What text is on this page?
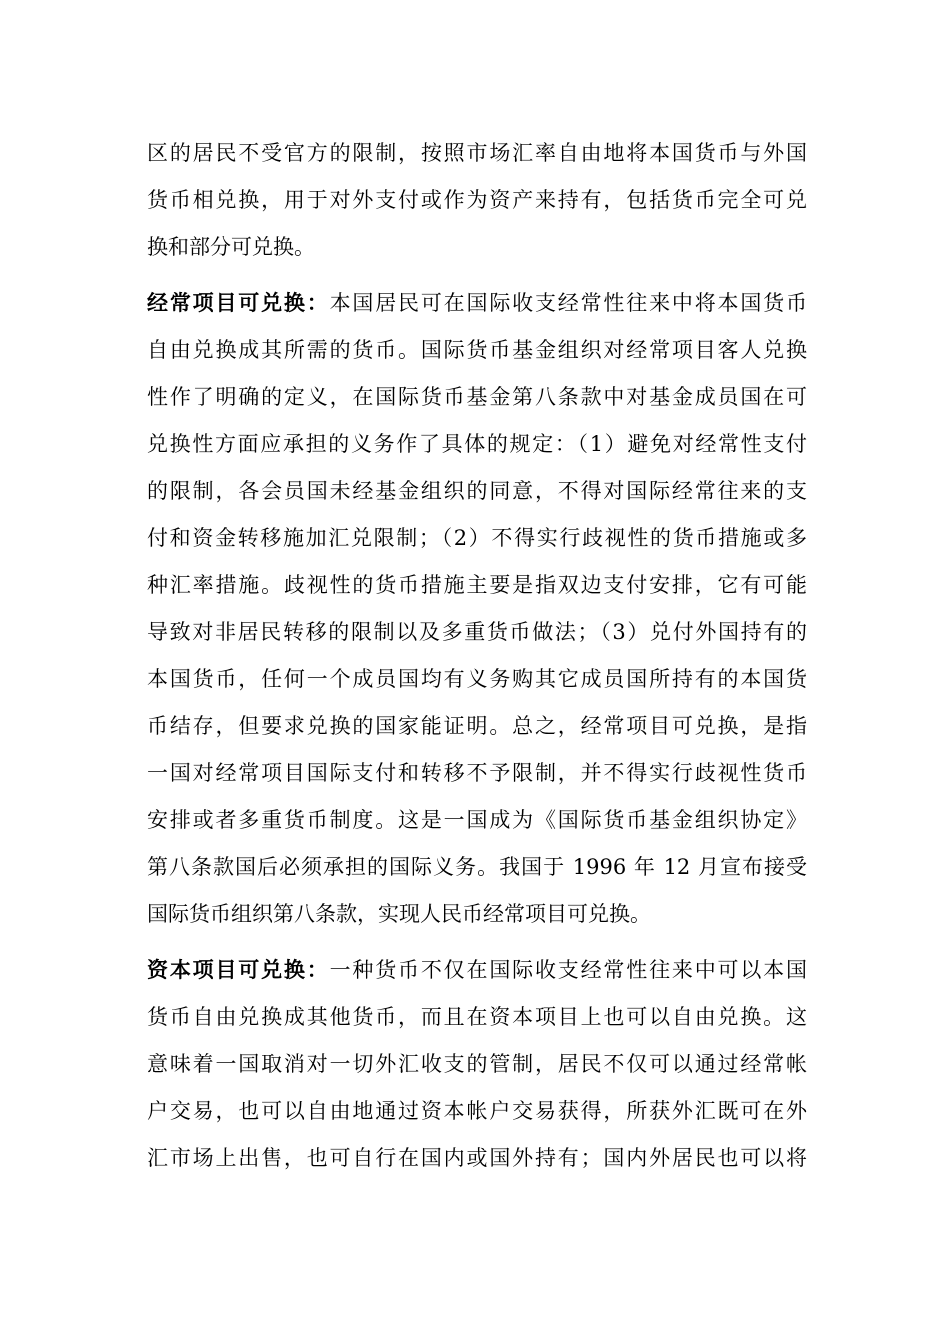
区的居民不受官方的限制，按照市场汇率自由地将本国货币与外国
货币相兑换，用于对外支付或作为资产来持有，包括货币完全可兑
换和部分可兑换。
经常项目可兑换：本国居民可在国际收支经常性往来中将本国货币
自由兑换成其所需的货币。国际货币基金组织对经常项目客人兑换
性作了明确的定义，在国际货币基金第八条款中对基金成员国在可
兑换性方面应承担的义务作了具体的规定：（1）避免对经常性支付
的限制，各会员国未经基金组织的同意，不得对国际经常往来的支
付和资金转移施加汇兑限制；（2）不得实行歧视性的货币措施或多
种汇率措施。歧视性的货币措施主要是指双边支付安排，它有可能
导致对非居民转移的限制以及多重货币做法；（3）兑付外国持有的
本国货币，任何一个成员国均有义务购其它成员国所持有的本国货
币结存，但要求兑换的国家能证明。总之，经常项目可兑换，是指
一国对经常项目国际支付和转移不予限制，并不得实行歧视性货币
安排或者多重货币制度。这是一国成为《国际货币基金组织协定》
第八条款国后必须承担的国际义务。我国于 1996 年 12 月宣布接受
国际货币组织第八条款，实现人民币经常项目可兑换。
资本项目可兑换：一种货币不仅在国际收支经常性往来中可以本国
货币自由兑换成其他货币，而且在资本项目上也可以自由兑换。这
意味着一国取消对一切外汇收支的管制，居民不仅可以通过经常帐
户交易，也可以自由地通过资本帐户交易获得，所获外汇既可在外
汇市场上出售，也可自行在国内或国外持有；国内外居民也可以将
